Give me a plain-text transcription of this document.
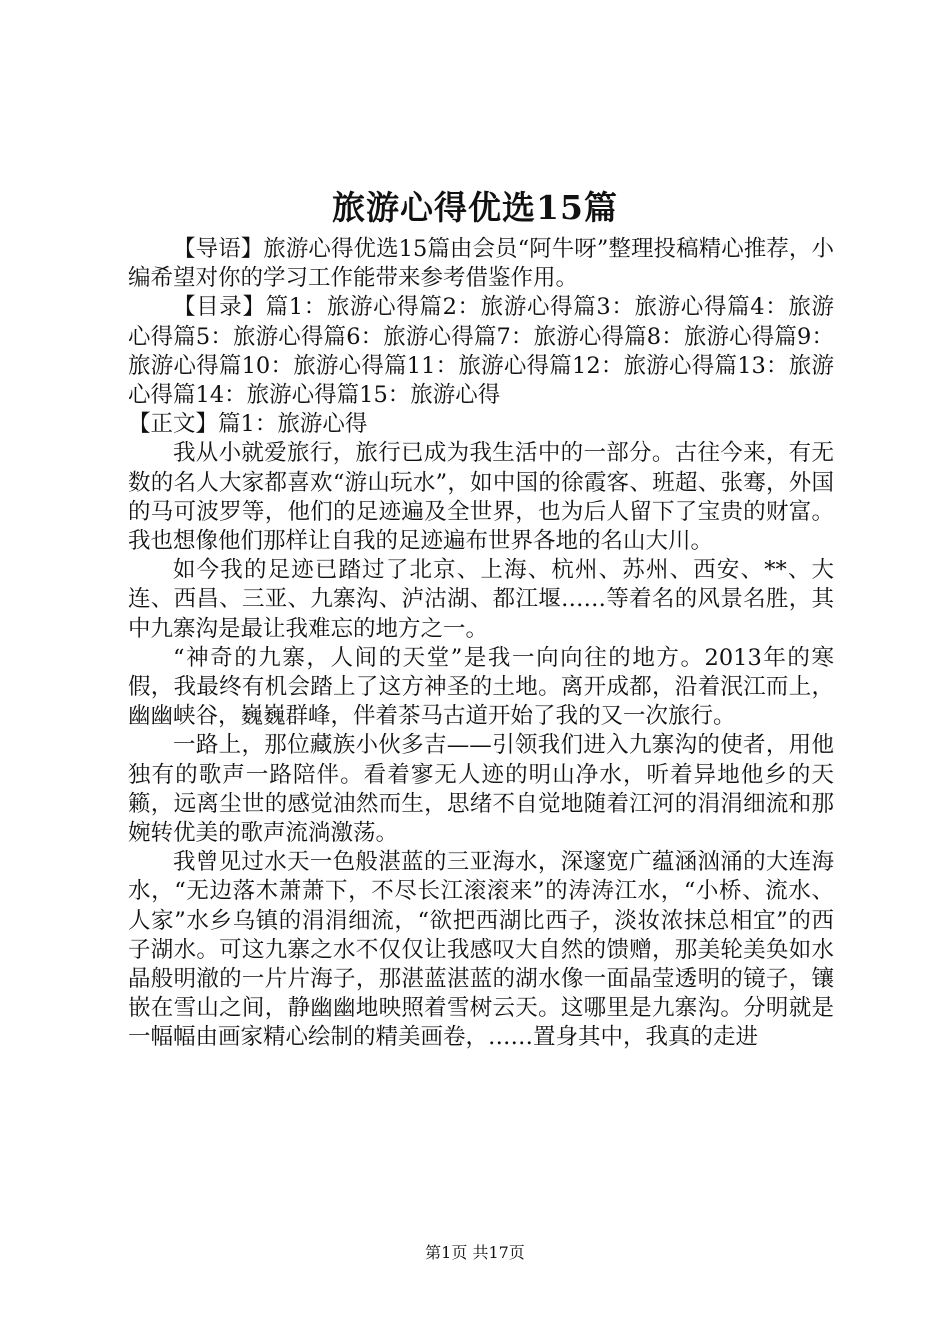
旅游心得优选15篇

【导语】旅游心得优选15篇由会员“阿牛呀”整理投稿精心推荐，小编希望对你的学习工作能带来参考借鉴作用。

【目录】篇1：旅游心得篇2：旅游心得篇3：旅游心得篇4：旅游心得篇5：旅游心得篇6：旅游心得篇7：旅游心得篇8：旅游心得篇9：旅游心得篇10：旅游心得篇11：旅游心得篇12：旅游心得篇13：旅游心得篇14：旅游心得篇15：旅游心得

【正文】篇1：旅游心得

我从小就爱旅行，旅行已成为我生活中的一部分。古往今来，有无数的名人大家都喜欢“游山玩水”，如中国的徐霞客、班超、张骞，外国的马可波罗等，他们的足迹遍及全世界，也为后人留下了宝贵的财富。我也想像他们那样让自我的足迹遍布世界各地的名山大川。

如今我的足迹已踏过了北京、上海、杭州、苏州、西安、**、大连、西昌、三亚、九寨沟、泸沽湖、都江堰……等着名的风景名胜，其中九寨沟是最让我难忘的地方之一。

“神奇的九寨，人间的天堂”是我一向向往的地方。2013年的寒假，我最终有机会踏上了这方神圣的土地。离开成都，沿着泯江而上，幽幽峡谷，巍巍群峰，伴着茶马古道开始了我的又一次旅行。

一路上，那位藏族小伙多吉——引领我们进入九寨沟的使者，用他独有的歌声一路陪伴。看着寥无人迹的明山净水，听着异地他乡的天籁，远离尘世的感觉油然而生，思绪不自觉地随着江河的涓涓细流和那婉转优美的歌声流淌激荡。

我曾见过水天一色般湛蓝的三亚海水，深邃宽广蕴涵汹涌的大连海水，“无边落木萧萧下，不尽长江滚滚来”的涛涛江水，“小桥、流水、人家”水乡乌镇的涓涓细流，“欲把西湖比西子，淡妆浓抹总相宜”的西子湖水。可这九寨之水不仅仅让我感叹大自然的馈赠，那美轮美奂如水晶般明澈的一片片海子，那湛蓝湛蓝的湖水像一面晶莹透明的镜子，镶嵌在雪山之间，静幽幽地映照着雪树云天。这哪里是九寨沟。分明就是一幅幅由画家精心绘制的精美画卷，……置身其中，我真的走进

第1页 共17页
